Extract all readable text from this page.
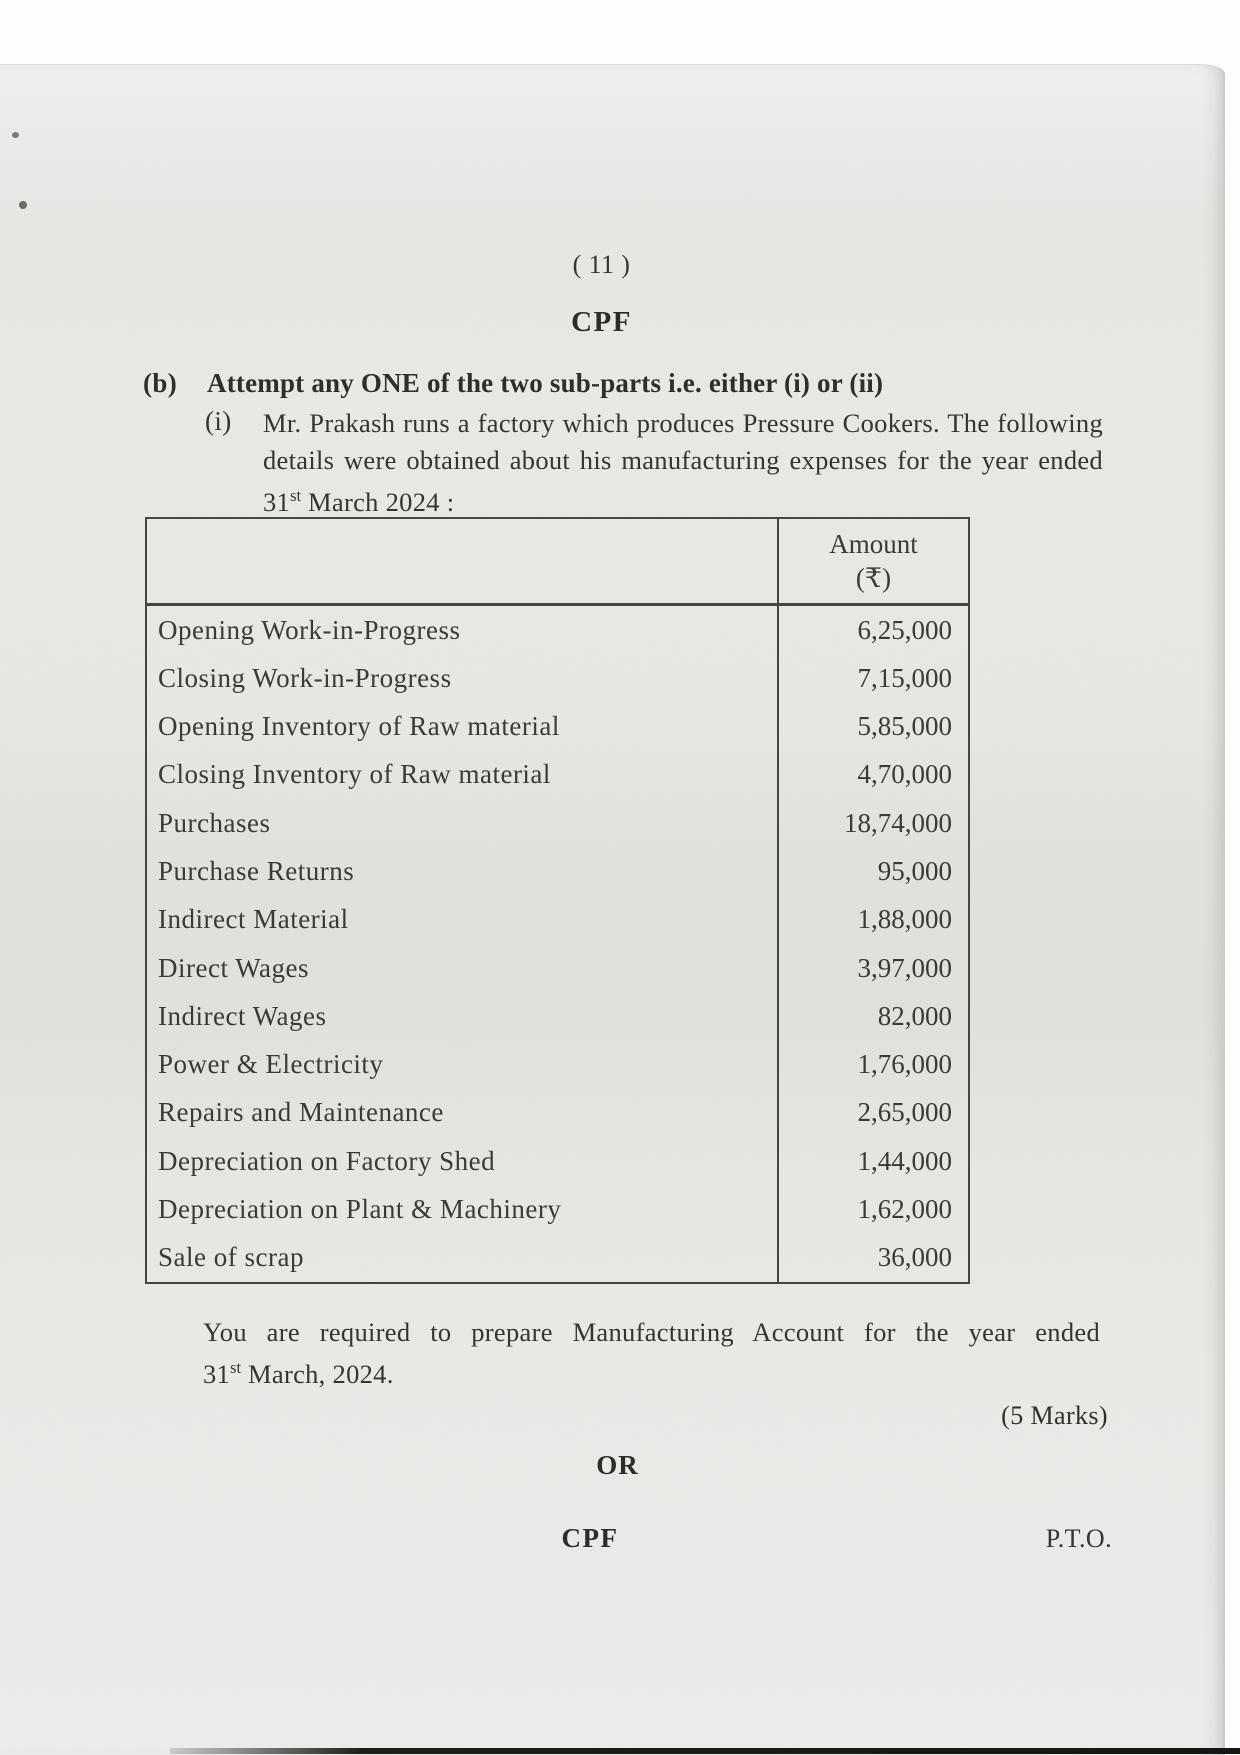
( 11 )
CPF
(b) Attempt any ONE of the two sub-parts i.e. either (i) or (ii)
(i) Mr. Prakash runs a factory which produces Pressure Cookers. The following
details were obtained about his manufacturing expenses for the year ended
31st March 2024 :
Amount
(₹)
Opening Work-in-Progress	6,25,000
Closing Work-in-Progress	7,15,000
Opening Inventory of Raw material	5,85,000
Closing Inventory of Raw material	4,70,000
Purchases	18,74,000
Purchase Returns	95,000
Indirect Material	1,88,000
Direct Wages	3,97,000
Indirect Wages	82,000
Power & Electricity	1,76,000
Repairs and Maintenance	2,65,000
Depreciation on Factory Shed	1,44,000
Depreciation on Plant & Machinery	1,62,000
Sale of scrap	36,000
You are required to prepare Manufacturing Account for the year ended
31st March, 2024.
(5 Marks)
OR
CPF	P.T.O.
